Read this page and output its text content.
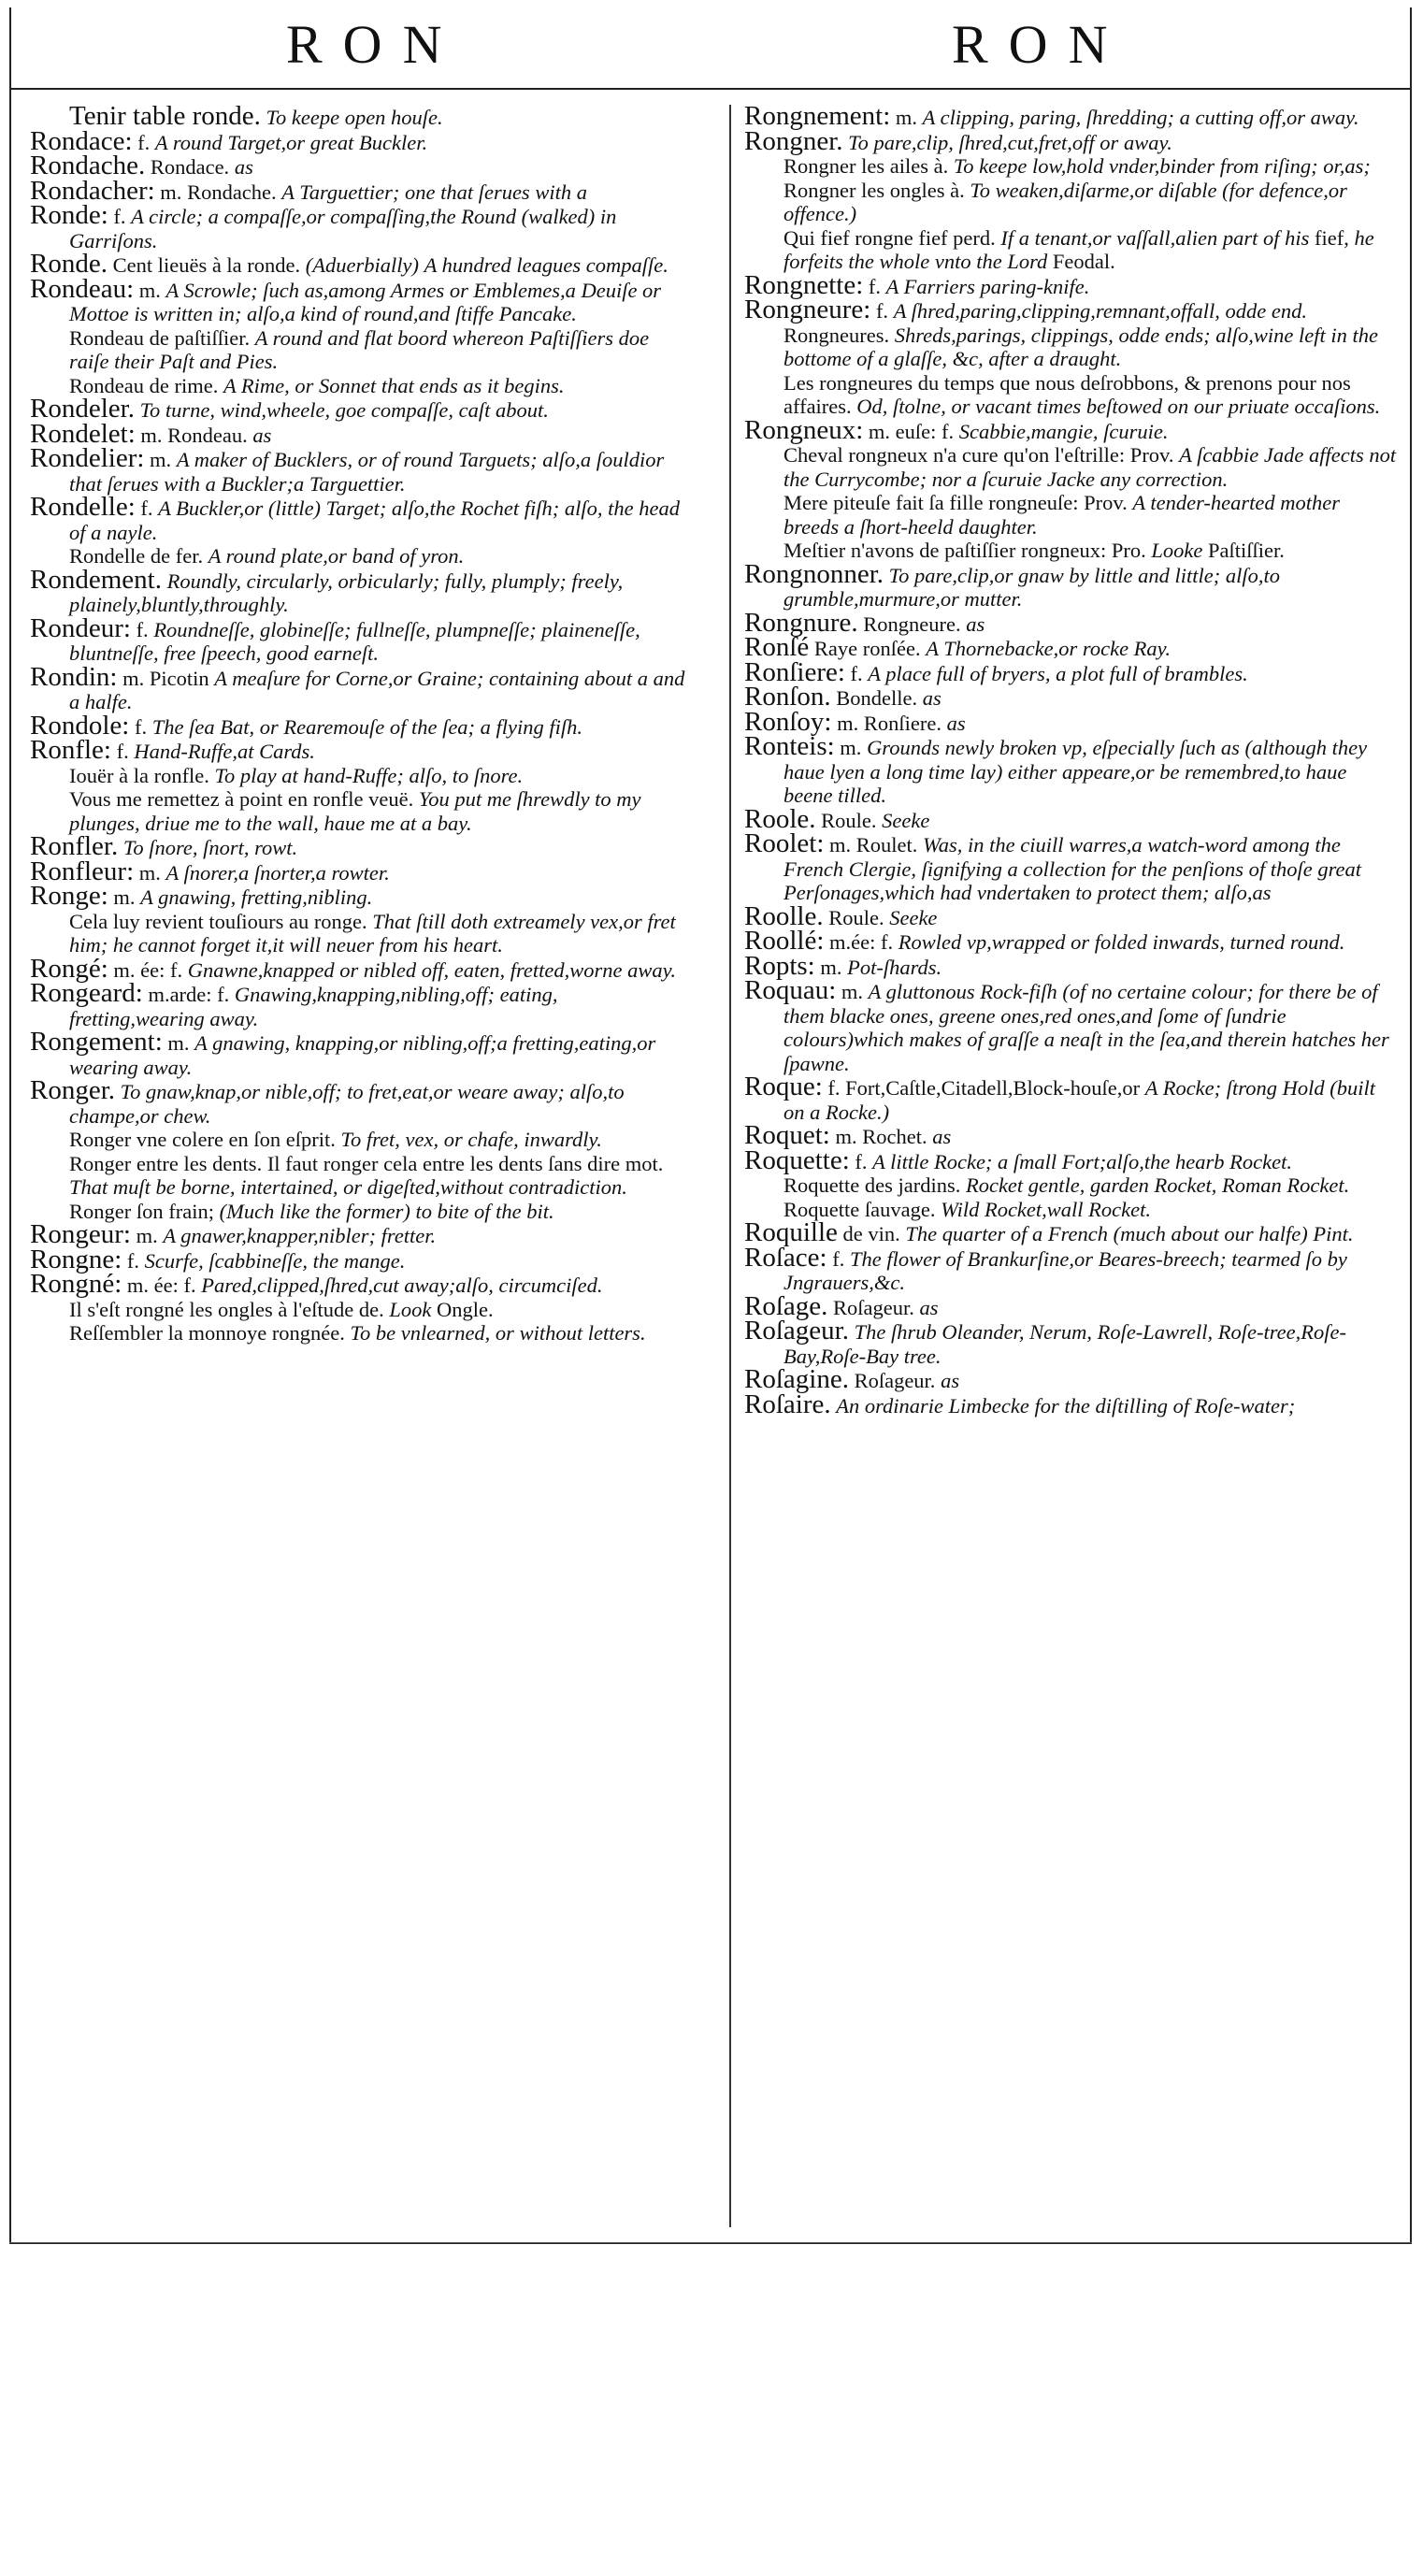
RON	RON

Tenir table ronde. To keepe open houſe.

Rondace: f. A round Target,or great Buckler.

Rondache. Rondace. as

Rondacher: m. Rondache. A Targuettier; one that ſerues with a

Ronde: f. A circle; a compaſſe,or compaſſing,the Round (walked) in Garriſons.

Ronde. Cent lieuës à la ronde. (Aduerbially) A hundred leagues compaſſe.

Rondeau: m. A Scrowle; ſuch as,among Armes or Emblemes,a Deuiſe or Mottoe is written in; alſo,a kind of round,and ſtiffe Pancake.

Rondeau de paſtiſſier. A round and flat boord whereon Paſtiſſiers doe raiſe their Paſt and Pies.

Rondeau de rime. A Rime, or Sonnet that ends as it begins.

Rondeler. To turne, wind,wheele, goe compaſſe, caſt about.

Rondelet: m. Rondeau. as

Rondelier: m. A maker of Bucklers, or of round Targuets; alſo,a ſouldior that ſerues with a Buckler;a Targuettier.

Rondelle: f. A Buckler,or (little) Target; alſo,the Rochet fiſh; alſo, the head of a nayle.

Rondelle de fer. A round plate,or band of yron.

Rondement. Roundly, circularly, orbicularly; fully, plumply; freely, plainely,bluntly,throughly.

Rondeur: f. Roundneſſe, globineſſe; fullneſſe, plumpneſſe; plaineneſſe, bluntneſſe, free ſpeech, good earneſt.

Rondin: m. Picotin A meaſure for Corne,or Graine; containing about a and a halfe.

Rondole: f. The ſea Bat, or Rearemouſe of the ſea; a flying fiſh.

Ronfle: f. Hand-Ruffe,at Cards.

Iouër à la ronfle. To play at hand-Ruffe; alſo, to ſnore.

Vous me remettez à point en ronfle veuë. You put me ſhrewdly to my plunges, driue me to the wall, haue me at a bay.

Ronfler. To ſnore, ſnort, rowt.

Ronfleur: m. A ſnorer,a ſnorter,a rowter.

Ronge: m. A gnawing, fretting,nibling.

Cela luy revient touſiours au ronge. That ſtill doth extreamely vex,or fret him; he cannot forget it,it will neuer from his heart.

Rongé: m. ée: f. Gnawne,knapped or nibled off, eaten, fretted,worne away.

Rongeard: m.arde: f. Gnawing,knapping,nibling,off; eating, fretting,wearing away.

Rongement: m. A gnawing, knapping,or nibling,off;a fretting,eating,or wearing away.

Ronger. To gnaw,knap,or nible,off; to fret,eat,or weare away; alſo,to champe,or chew.

Ronger vne colere en ſon eſprit. To fret, vex, or chafe, inwardly.

Ronger entre les dents. Il faut ronger cela entre les dents ſans dire mot. That muſt be borne, intertained, or digeſted,without contradiction.

Ronger ſon frain; (Much like the former) to bite of the bit.

Rongeur: m. A gnawer,knapper,nibler; fretter.

Rongne: f. Scurfe, ſcabbineſſe, the mange.

Rongné: m. ée: f. Pared,clipped,ſhred,cut away;alſo, circumciſed.

Il s'eſt rongné les ongles à l'eſtude de. Look Ongle.

Reſſembler la monnoye rongnée. To be vnlearned, or without letters.

Rongnement: m. A clipping, paring, ſhredding; a cutting off,or away.

Rongner. To pare,clip, ſhred,cut,fret,off or away.

Rongner les ailes à. To keepe low,hold vnder,binder from riſing; or,as;

Rongner les ongles à. To weaken,diſarme,or diſable (for defence,or offence.)

Qui fief rongne fief perd. If a tenant,or vaſſall,alien part of his fief, he forfeits the whole vnto the Lord Feodal.

Rongnette: f. A Farriers paring-knife.

Rongneure: f. A ſhred,paring,clipping,remnant,offall, odde end.

Rongneures. Shreds,parings, clippings, odde ends; alſo,wine left in the bottome of a glaſſe, &c, after a draught.

Les rongneures du temps que nous deſrobbons, & prenons pour nos affaires. Od, ſtolne, or vacant times beſtowed on our priuate occaſions.

Rongneux: m. euſe: f. Scabbie,mangie, ſcuruie.

Cheval rongneux n'a cure qu'on l'eſtrille: Prov. A ſcabbie Jade affects not the Currycombe; nor a ſcuruie Jacke any correction.

Mere piteuſe fait ſa fille rongneuſe: Prov. A tender-hearted mother breeds a ſhort-heeld daughter.

Meſtier n'avons de paſtiſſier rongneux: Pro. Looke Paſtiſſier.

Rongnonner. To pare,clip,or gnaw by little and little; alſo,to grumble,murmure,or mutter.

Rongnure. Rongneure. as

Ronſé Raye ronſée. A Thornebacke,or rocke Ray.

Ronſiere: f. A place full of bryers, a plot full of brambles.

Ronſon. Bondelle. as

Ronſoy: m. Ronſiere. as

Ronteis: m. Grounds newly broken vp, eſpecially ſuch as (although they haue lyen a long time lay) either appeare,or be remembred,to haue beene tilled.

Roole. Roule. Seeke

Roolet: m. Roulet. Was, in the ciuill warres,a watch-word among the French Clergie, ſignifying a collection for the penſions of thoſe great Perſonages,which had vndertaken to protect them; alſo,as

Roolle. Roule. Seeke

Roollé: m.ée: f. Rowled vp,wrapped or folded inwards, turned round.

Ropts: m. Pot-ſhards.

Roquau: m. A gluttonous Rock-fiſh (of no certaine colour; for there be of them blacke ones, greene ones,red ones,and ſome of ſundrie colours)which makes of graſſe a neaſt in the ſea,and therein hatches her ſpawne.

Roque: f. Fort,Caſtle,Citadell,Block-houſe,or A Rocke; ſtrong Hold (built on a Rocke.)

Roquet: m. Rochet. as

Roquette: f. A little Rocke; a ſmall Fort;alſo,the hearb Rocket.

Roquette des jardins. Rocket gentle, garden Rocket, Roman Rocket.

Roquette ſauvage. Wild Rocket,wall Rocket.

Roquille de vin. The quarter of a French (much about our halfe) Pint.

Roſace: f. The flower of Brankurſine,or Beares-breech; tearmed ſo by Jngrauers,&c.

Roſage. Roſageur. as

Roſageur. The ſhrub Oleander, Nerum, Roſe-Lawrell, Roſe-tree,Roſe-Bay,Roſe-Bay tree.

Roſagine. Roſageur. as

Roſaire. An ordinarie Limbecke for the diſtilling of Roſe-water;
